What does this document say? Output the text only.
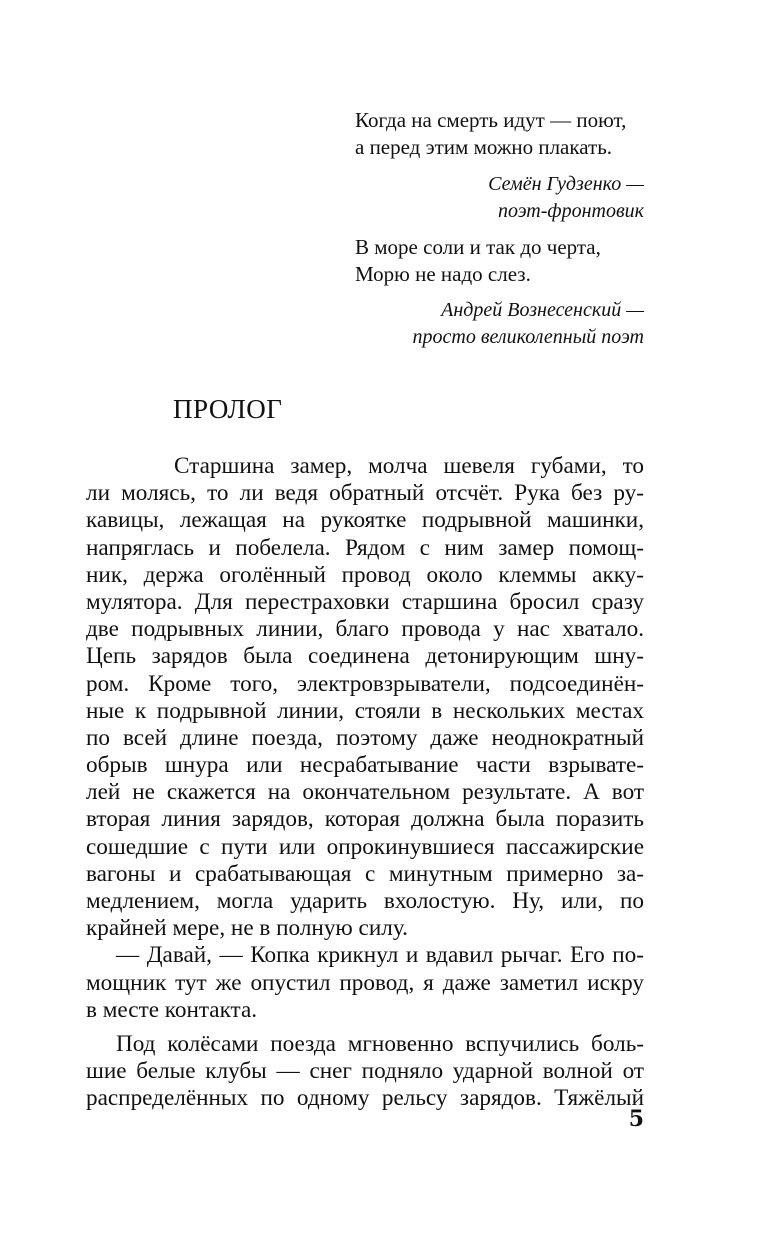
Когда на смерть идут — поют,
а перед этим можно плакать.
Семён Гудзенко —
поэт-фронтовик
В море соли и так до черта,
Морю не надо слез.
Андрей Вознесенский —
просто великолепный поэт
ПРОЛОГ

Старшина замер, молча шевеля губами, то
ли молясь, то ли ведя обратный отсчёт. Рука без ру-
кавицы, лежащая на рукоятке подрывной машинки,
напряглась и побелела. Рядом с ним замер помощ-
ник, держа оголённый провод около клеммы акку-
мулятора. Для перестраховки старшина бросил сразу
две подрывных линии, благо провода у нас хватало.
Цепь зарядов была соединена детонирующим шну-
ром. Кроме того, электровзрыватели, подсоединён-
ные к подрывной линии, стояли в нескольких местах
по всей длине поезда, поэтому даже неоднократный
обрыв шнура или несрабатывание части взрывате-
лей не скажется на окончательном результате. А вот
вторая линия зарядов, которая должна была поразить
сошедшие с пути или опрокинувшиеся пассажирские
вагоны и срабатывающая с минутным примерно за-
медлением, могла ударить вхолостую. Ну, или, по
крайней мере, не в полную силу.

— Давай, — Копка крикнул и вдавил рычаг. Его по-
мощник тут же опустил провод, я даже заметил искру
в месте контакта.

Под колёсами поезда мгновенно вспучились боль-
шие белые клубы — снег подняло ударной волной от
распределённых по одному рельсу зарядов. Тяжёлый

5
